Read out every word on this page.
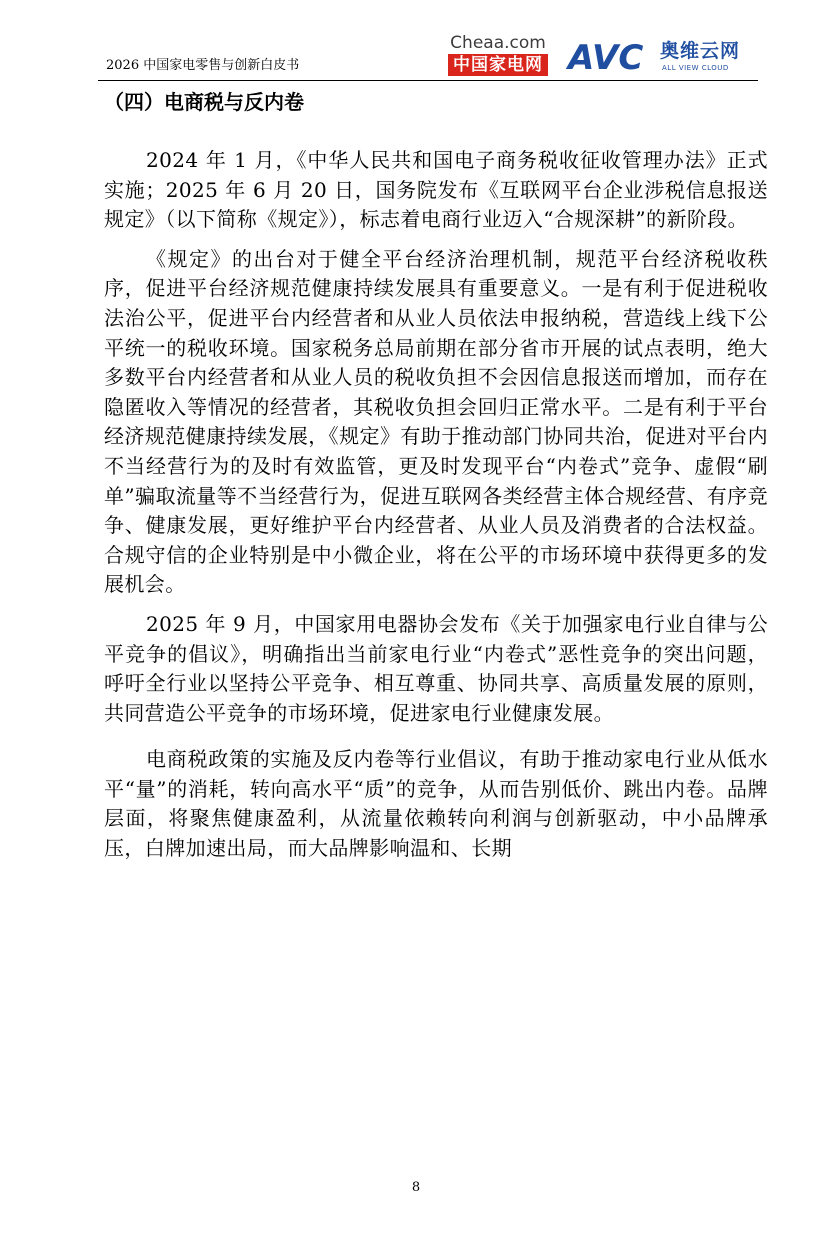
2026 中国家电零售与创新白皮书
Cheaa.com
中国家电网 AVC 奥维云网
ALL VIEW CLOUD
（四）电商税与反内卷

2024 年 1 月，《中华人民共和国电子商务税收征收管理办法》正式实施；2025 年 6 月 20 日，国务院发布《互联网平台企业涉税信息报送规定》（以下简称《规定》），标志着电商行业迈入“合规深耕”的新阶段。

《规定》的出台对于健全平台经济治理机制，规范平台经济税收秩序，促进平台经济规范健康持续发展具有重要意义。一是有利于促进税收法治公平，促进平台内经营者和从业人员依法申报纳税，营造线上线下公平统一的税收环境。国家税务总局前期在部分省市开展的试点表明，绝大多数平台内经营者和从业人员的税收负担不会因信息报送而增加，而存在隐匿收入等情况的经营者，其税收负担会回归正常水平。二是有利于平台经济规范健康持续发展，《规定》有助于推动部门协同共治，促进对平台内不当经营行为的及时有效监管，更及时发现平台“内卷式”竞争、虚假“刷单”骗取流量等不当经营行为，促进互联网各类经营主体合规经营、有序竞争、健康发展，更好维护平台内经营者、从业人员及消费者的合法权益。合规守信的企业特别是中小微企业，将在公平的市场环境中获得更多的发展机会。

2025 年 9 月，中国家用电器协会发布《关于加强家电行业自律与公平竞争的倡议》，明确指出当前家电行业“内卷式”恶性竞争的突出问题，呼吁全行业以坚持公平竞争、相互尊重、协同共享、高质量发展的原则，共同营造公平竞争的市场环境，促进家电行业健康发展。

电商税政策的实施及反内卷等行业倡议，有助于推动家电行业从低水平“量”的消耗，转向高水平“质”的竞争，从而告别低价、跳出内卷。品牌层面，将聚焦健康盈利，从流量依赖转向利润与创新驱动，中小品牌承压，白牌加速出局，而大品牌影响温和、长期

8
